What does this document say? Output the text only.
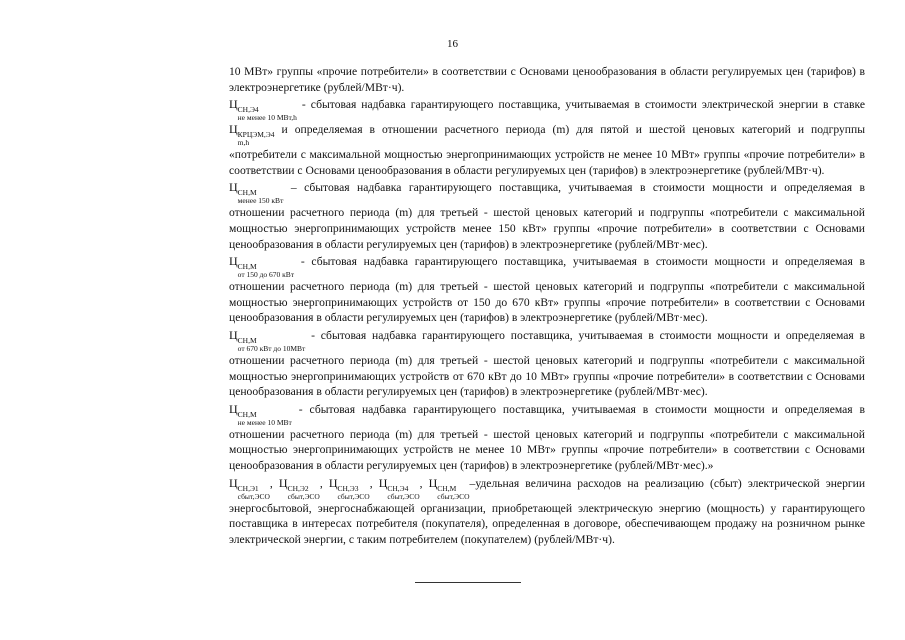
16

10 МВт» группы «прочие потребители» в соответствии с Основами ценообразования в области регулируемых цен (тарифов) в электроэнергетике (рублей/МВт·ч).

Ц СН,Э4
не менее 10 МВт,h
- сбытовая надбавка гарантирующего поставщика, учитываемая в стоимости электрической энергии в ставке Ц КРЦЭМ,Э4
m,h
и определяемая в отношении расчетного периода (m) для пятой и шестой ценовых категорий и подгруппы «потребители с максимальной мощностью энергопринимающих устройств не менее 10 МВт» группы «прочие потребители» в соответствии с Основами ценообразования в области регулируемых цен (тарифов) в электроэнергетике (рублей/МВт·ч).

Ц СН,М
менее 150 кВт
– сбытовая надбавка гарантирующего поставщика, учитываемая в стоимости мощности и определяемая в отношении расчетного периода (m) для третьей - шестой ценовых категорий и подгруппы «потребители с максимальной мощностью энергопринимающих устройств менее 150 кВт» группы «прочие потребители» в соответствии с Основами ценообразования в области регулируемых цен (тарифов) в электроэнергетике (рублей/МВт·мес).

Ц СН,М
от 150 до 670 кВт
- сбытовая надбавка гарантирующего поставщика, учитываемая в стоимости мощности и определяемая в отношении расчетного периода (m) для третьей - шестой ценовых категорий и подгруппы «потребители с максимальной мощностью энергопринимающих устройств от 150 до 670 кВт» группы «прочие потребители» в соответствии с Основами ценообразования в области регулируемых цен (тарифов) в электроэнергетике (рублей/МВт·мес).

Ц СН,М
от 670 кВт до 10МВт
- сбытовая надбавка гарантирующего поставщика, учитываемая в стоимости мощности и определяемая в отношении расчетного периода (m) для третьей - шестой ценовых категорий и подгруппы «потребители с максимальной мощностью энергопринимающих устройств от 670 кВт до 10 МВт» группы «прочие потребители» в соответствии с Основами ценообразования в области регулируемых цен (тарифов) в электроэнергетике (рублей/МВт·мес).

Ц СН,М
не менее 10 МВт
- сбытовая надбавка гарантирующего поставщика, учитываемая в стоимости мощности и определяемая в отношении расчетного периода (m) для третьей - шестой ценовых категорий и подгруппы «потребители с максимальной мощностью энергопринимающих устройств не менее 10 МВт» группы «прочие потребители» в соответствии с Основами ценообразования в области регулируемых цен (тарифов) в электроэнергетике (рублей/МВт·мес).»

Ц СН,Э1
сбыт,ЭСО
, Ц СН,Э2
сбыт,ЭСО
, Ц СН,Э3
сбыт,ЭСО
, Ц СН,Э4
сбыт,ЭСО
, Ц СН,М
сбыт,ЭСО
–удельная величина расходов на реализацию (сбыт) электрической энергии энергосбытовой, энергоснабжающей организации, приобретающей электрическую энергию (мощность) у гарантирующего поставщика в интересах потребителя (покупателя), определенная в договоре, обеспечивающем продажу на розничном рынке электрической энергии, с таким потребителем (покупателем) (рублей/МВт·ч).
